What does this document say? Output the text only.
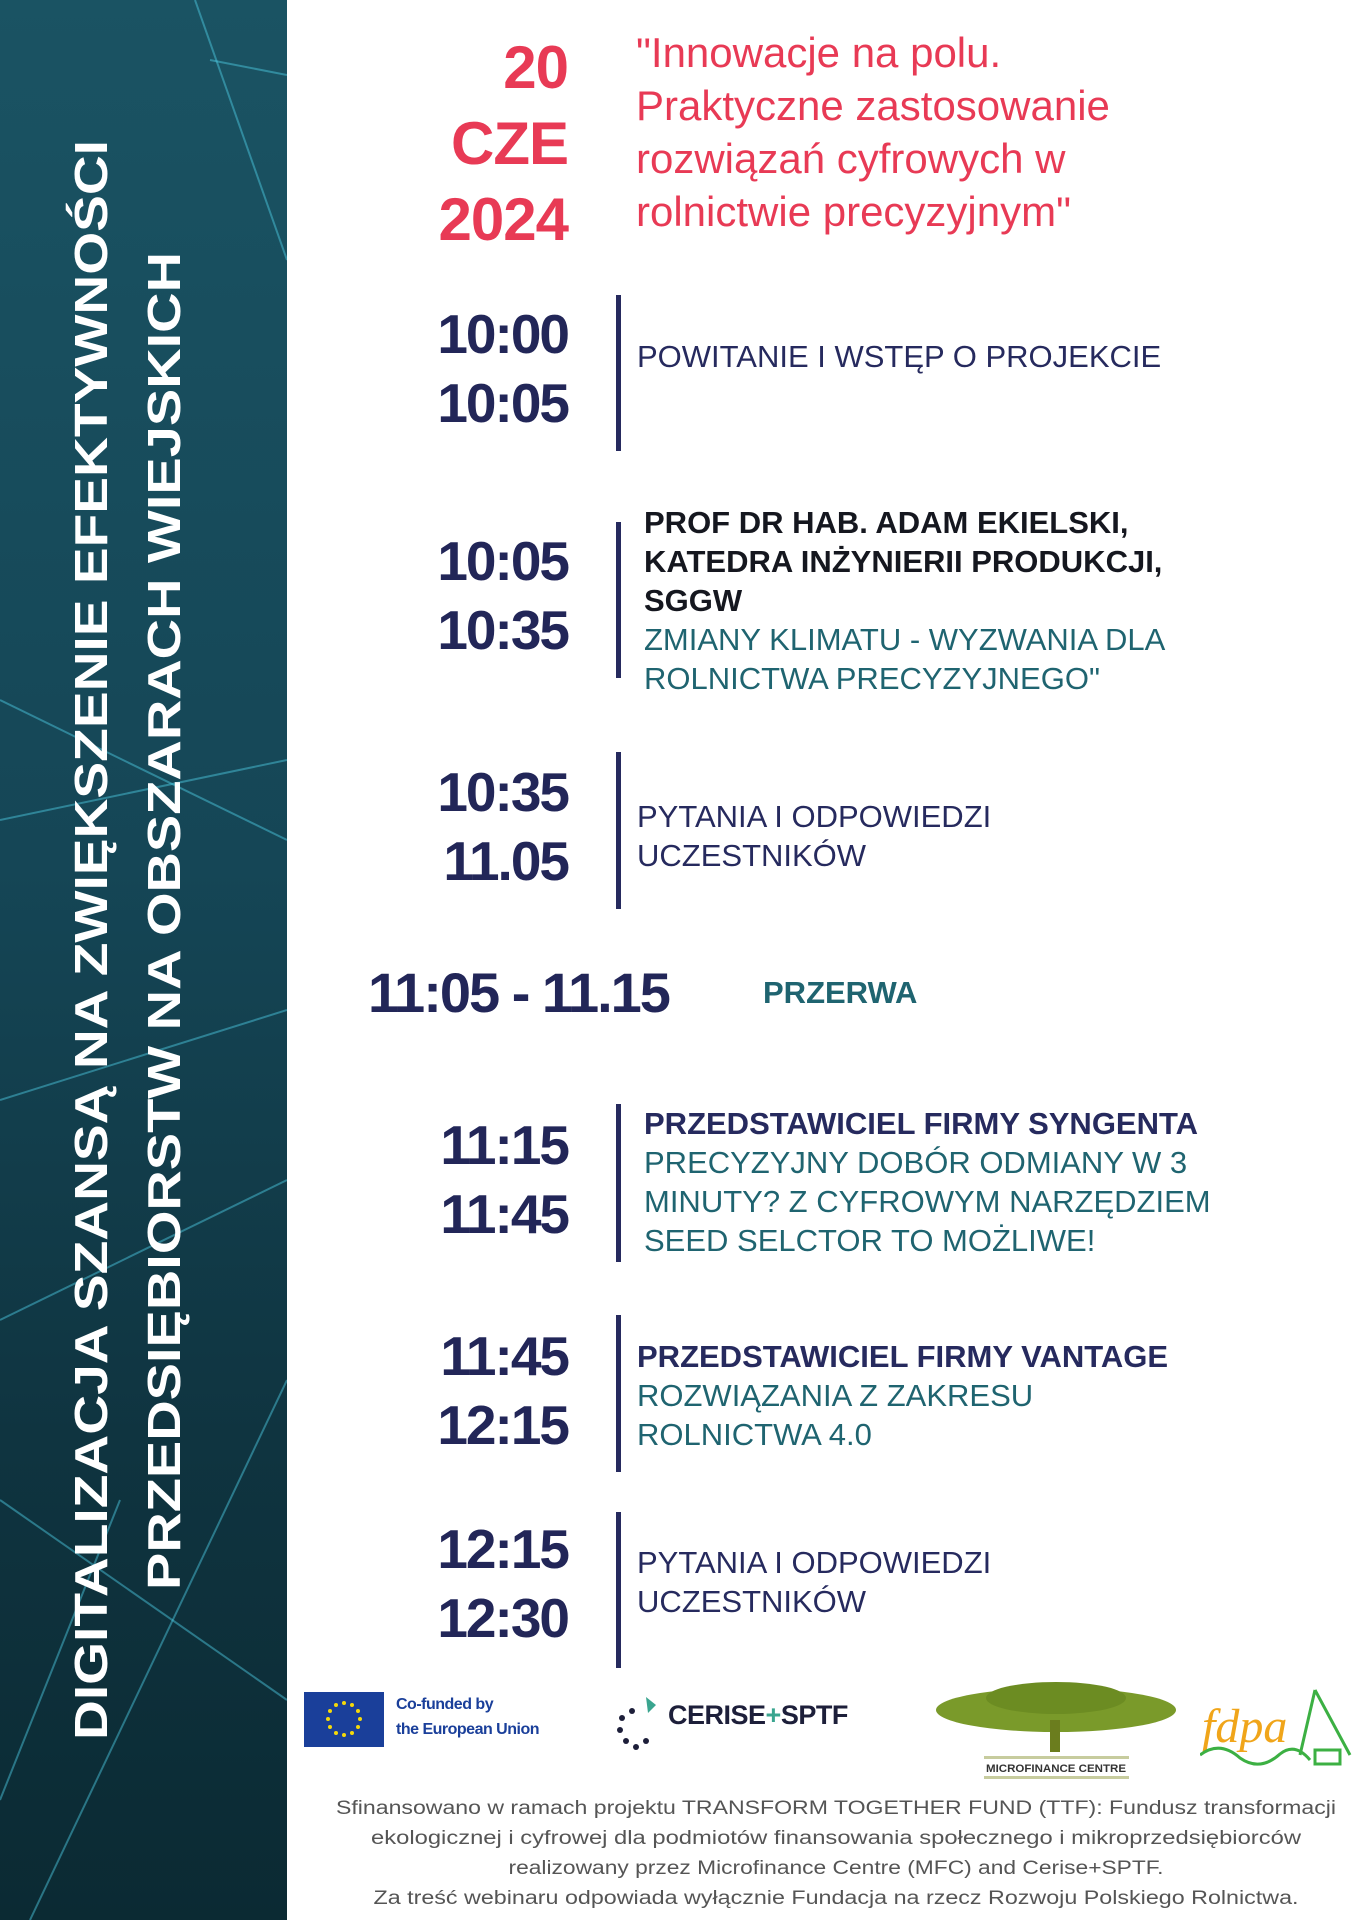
DIGITALIZACJA SZANSĄ NA ZWIĘKSZENIE EFEKTYWNOŚCI PRZEDSIĘBIORSTW NA OBSZARACH WIEJSKICH
20
CZE
2024
"Innowacje na polu.
Praktyczne zastosowanie
rozwiązań cyfrowych w
rolnictwie precyzyjnym"
10:00
10:05
POWITANIE I WSTĘP O PROJEKCIE
10:05
10:35
PROF DR HAB. ADAM EKIELSKI,
KATEDRA INŻYNIERII PRODUKCJI,
SGGW
ZMIANY KLIMATU - WYZWANIA DLA
ROLNICTWA PRECYZYJNEGO"
10:35
11.05
PYTANIA I ODPOWIEDZI
UCZESTNIKÓW
11:05 - 11.15	PRZERWA
11:15
11:45
PRZEDSTAWICIEL FIRMY SYNGENTA
PRECYZYJNY DOBÓR ODMIANY W 3
MINUTY? Z CYFROWYM NARZĘDZIEM
SEED SELCTOR TO MOŻLIWE!
11:45
12:15
PRZEDSTAWICIEL FIRMY VANTAGE
ROZWIĄZANIA Z ZAKRESU
ROLNICTWA 4.0
12:15
12:30
PYTANIA I ODPOWIEDZI
UCZESTNIKÓW
Co-funded by
the European Union	CERISE+SPTF
MICROFINANCE CENTRE
fdpa
Sfinansowano w ramach projektu TRANSFORM TOGETHER FUND (TTF): Fundusz transformacji
ekologicznej i cyfrowej dla podmiotów finansowania społecznego i mikroprzedsiębiorców
realizowany przez Microfinance Centre (MFC) and Cerise+SPTF.
Za treść webinaru odpowiada wyłącznie Fundacja na rzecz Rozwoju Polskiego Rolnictwa.
